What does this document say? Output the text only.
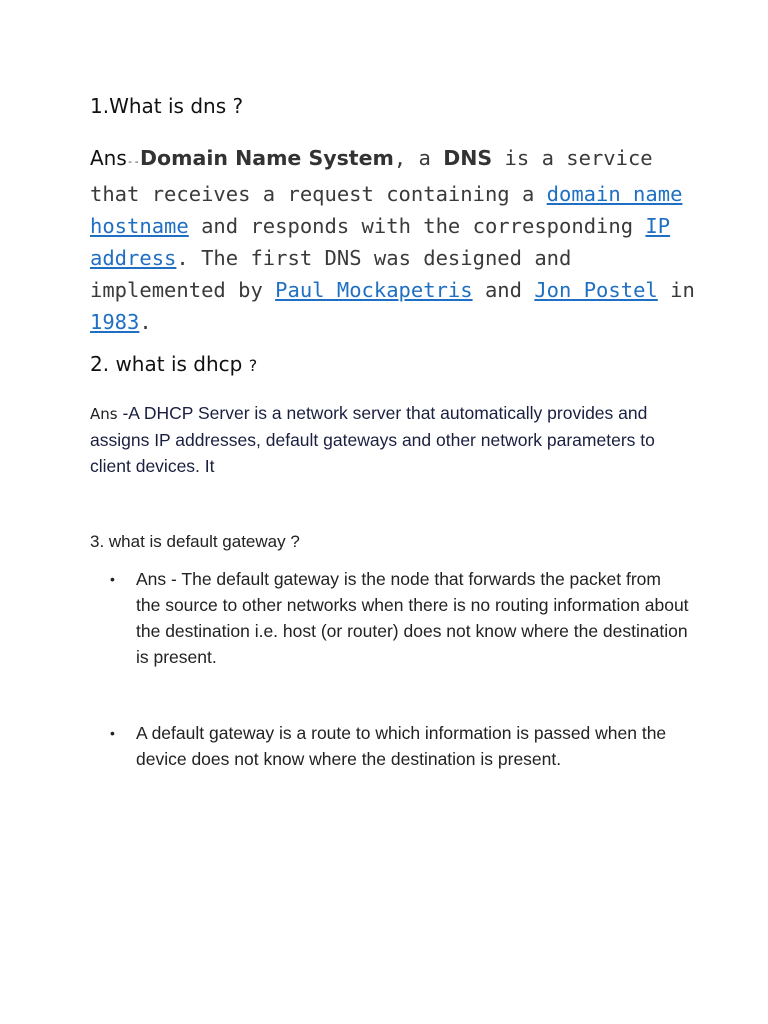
1.What is dns ?
Ans--Domain Name System, a DNS is a service that receives a request containing a domain name hostname and responds with the corresponding IP address. The first DNS was designed and implemented by Paul Mockapetris and Jon Postel in 1983.
2. what is dhcp ?
Ans -A DHCP Server is a network server that automatically provides and assigns IP addresses, default gateways and other network parameters to client devices. It
3. what is default gateway ?
• Ans - The default gateway is the node that forwards the packet from the source to other networks when there is no routing information about the destination i.e. host (or router) does not know where the destination is present.
• A default gateway is a route to which information is passed when the device does not know where the destination is present.
